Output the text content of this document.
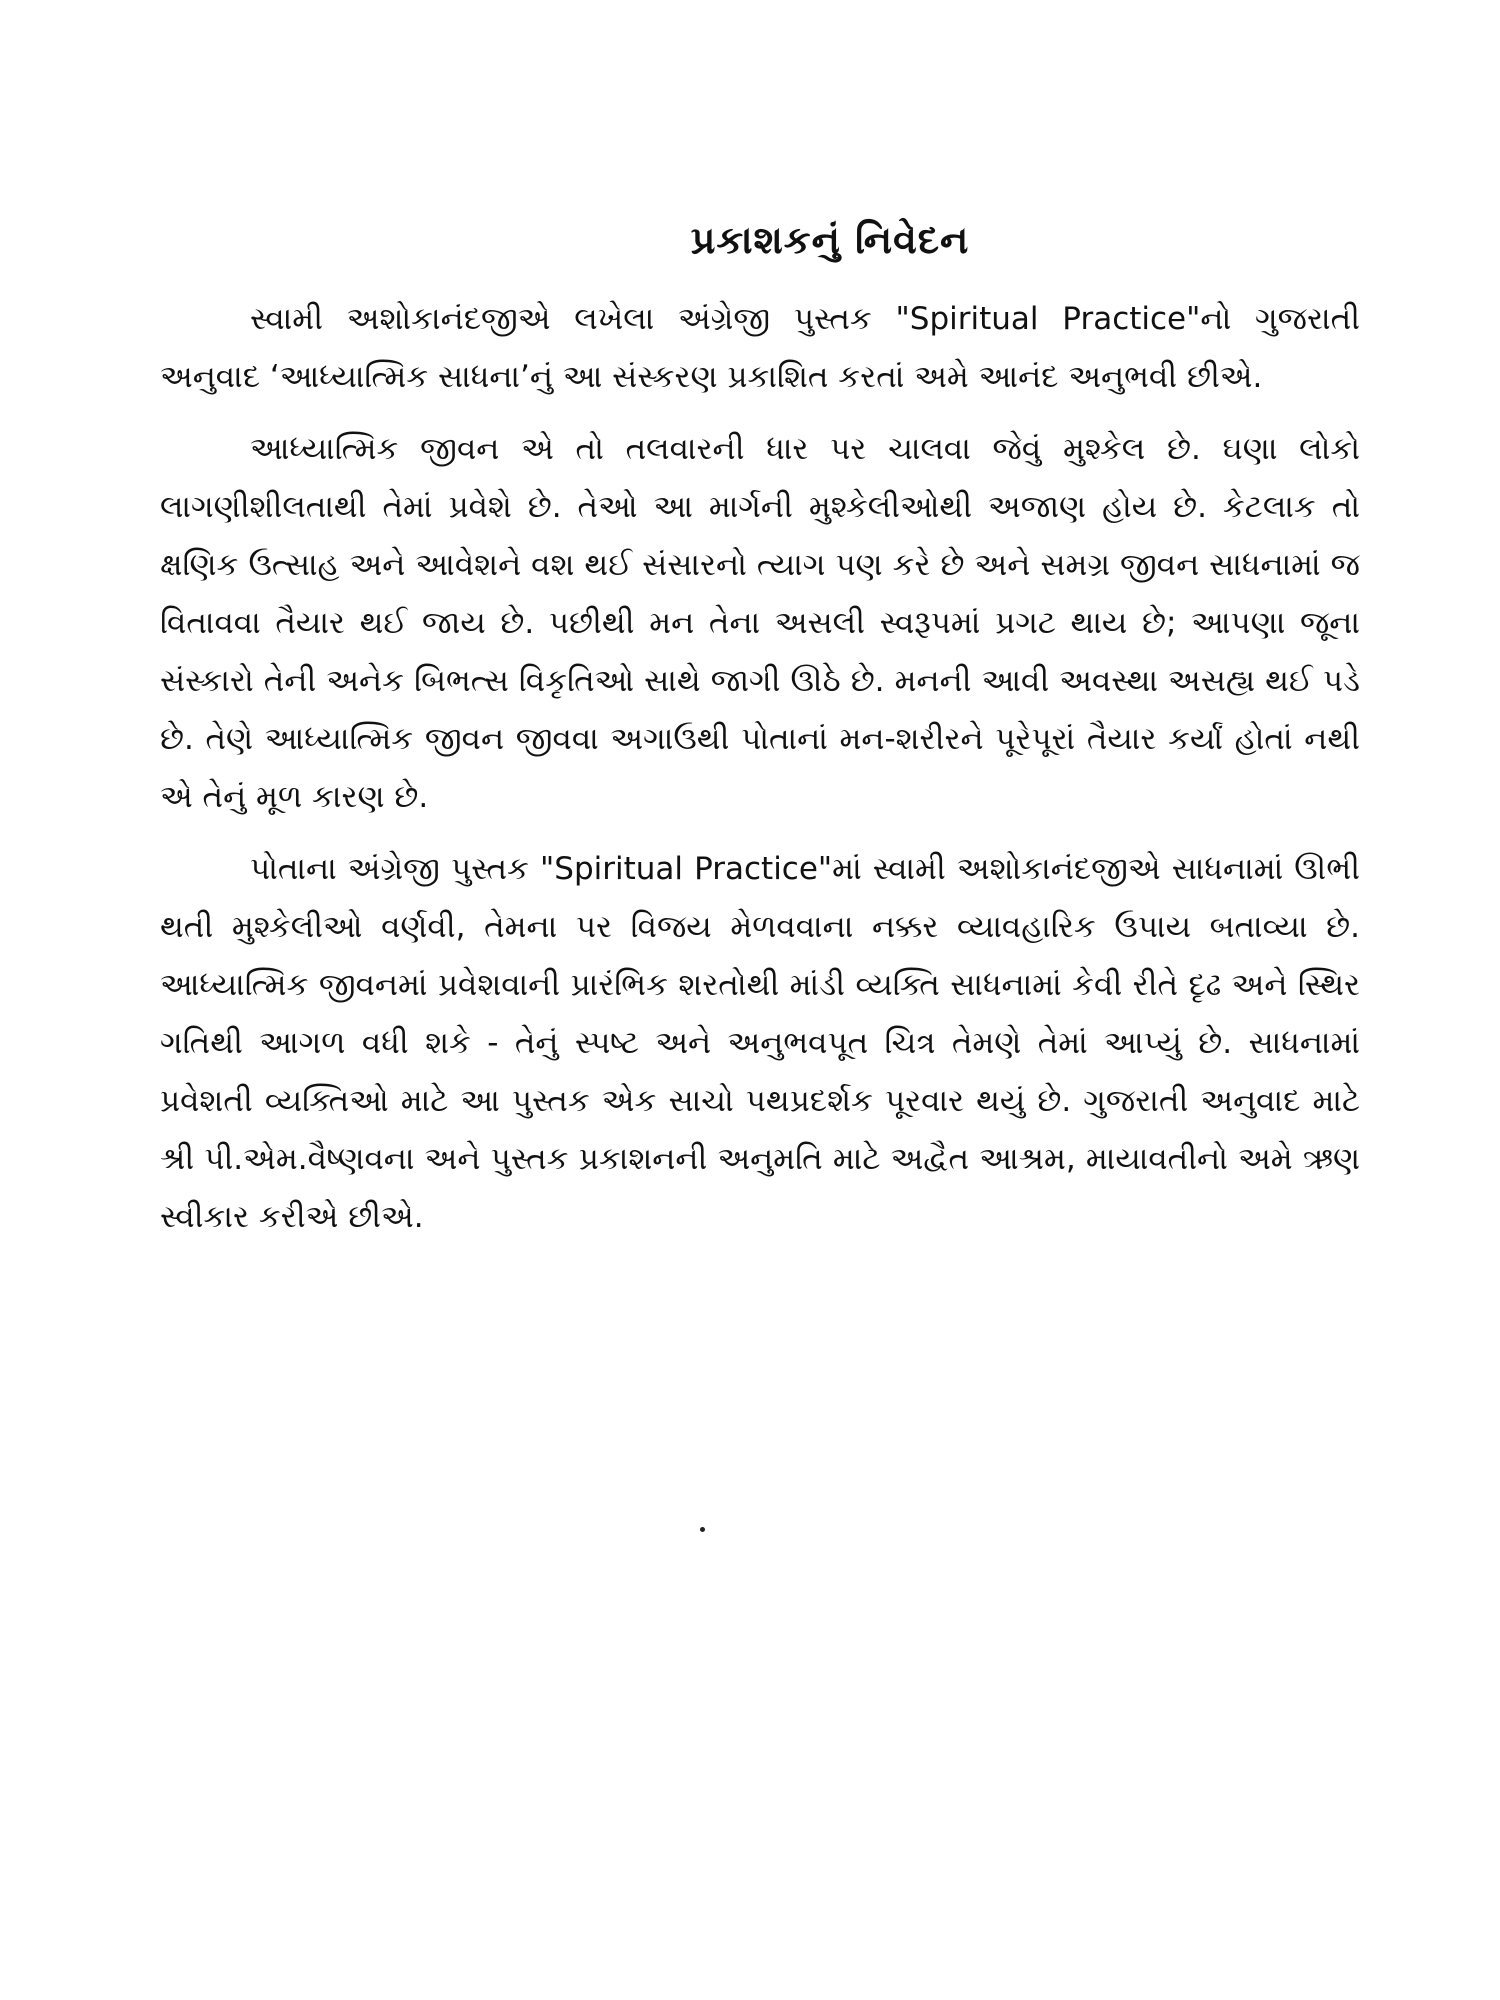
પ્રકાશકનું નિવેદન

સ્વામી અશોકાનંદજીએ લખેલા અંગ્રેજી પુસ્તક "Spiritual Practice"નો ગુજરાતી અનુવાદ ‘આધ્યાત્મિક સાધના’નું આ સંસ્કરણ પ્રકાશિત કરતાં અમે આનંદ અનુભવી છીએ.

આધ્યાત્મિક જીવન એ તો તલવારની ધાર પર ચાલવા જેવું મુશ્કેલ છે. ઘણા લોકો લાગણીશીલતાથી તેમાં પ્રવેશે છે. તેઓ આ માર્ગની મુશ્કેલીઓથી અજાણ હોય છે. કેટલાક તો ક્ષણિક ઉત્સાહ અને આવેશને વશ થઈ સંસારનો ત્યાગ પણ કરે છે અને સમગ્ર જીવન સાધનામાં જ વિતાવવા તૈયાર થઈ જાય છે. પછીથી મન તેના અસલી સ્વરૂપમાં પ્રગટ થાય છે; આપણા જૂના સંસ્કારો તેની અનેક બિભત્સ વિકૃતિઓ સાથે જાગી ઊઠે છે. મનની આવી અવસ્થા અસહ્ય થઈ પડે છે. તેણે આધ્યાત્મિક જીવન જીવવા અગાઉથી પોતાનાં મન-શરીરને પૂરેપૂરાં તૈયાર કર્યાં હોતાં નથી એ તેનું મૂળ કારણ છે.

પોતાના અંગ્રેજી પુસ્તક "Spiritual Practice"માં સ્વામી અશોકાનંદજીએ સાધનામાં ઊભી થતી મુશ્કેલીઓ વર્ણવી, તેમના પર વિજય મેળવવાના નક્કર વ્યાવહારિક ઉપાય બતાવ્યા છે. આધ્યાત્મિક જીવનમાં પ્રવેશવાની પ્રારંભિક શરતોથી માંડી વ્યક્તિ સાધનામાં કેવી રીતે દૃઢ અને સ્થિર ગતિથી આગળ વધી શકે - તેનું સ્પષ્ટ અને અનુભવપૂત ચિત્ર તેમણે તેમાં આપ્યું છે. સાધનામાં પ્રવેશતી વ્યક્તિઓ માટે આ પુસ્તક એક સાચો પથપ્રદર્શક પૂરવાર થયું છે. ગુજરાતી અનુવાદ માટે શ્રી પી.એમ.વૈષ્ણવના અને પુસ્તક પ્રકાશનની અનુમતિ માટે અદ્વૈત આશ્રમ, માયાવતીનો અમે ઋણ સ્વીકાર કરીએ છીએ.
